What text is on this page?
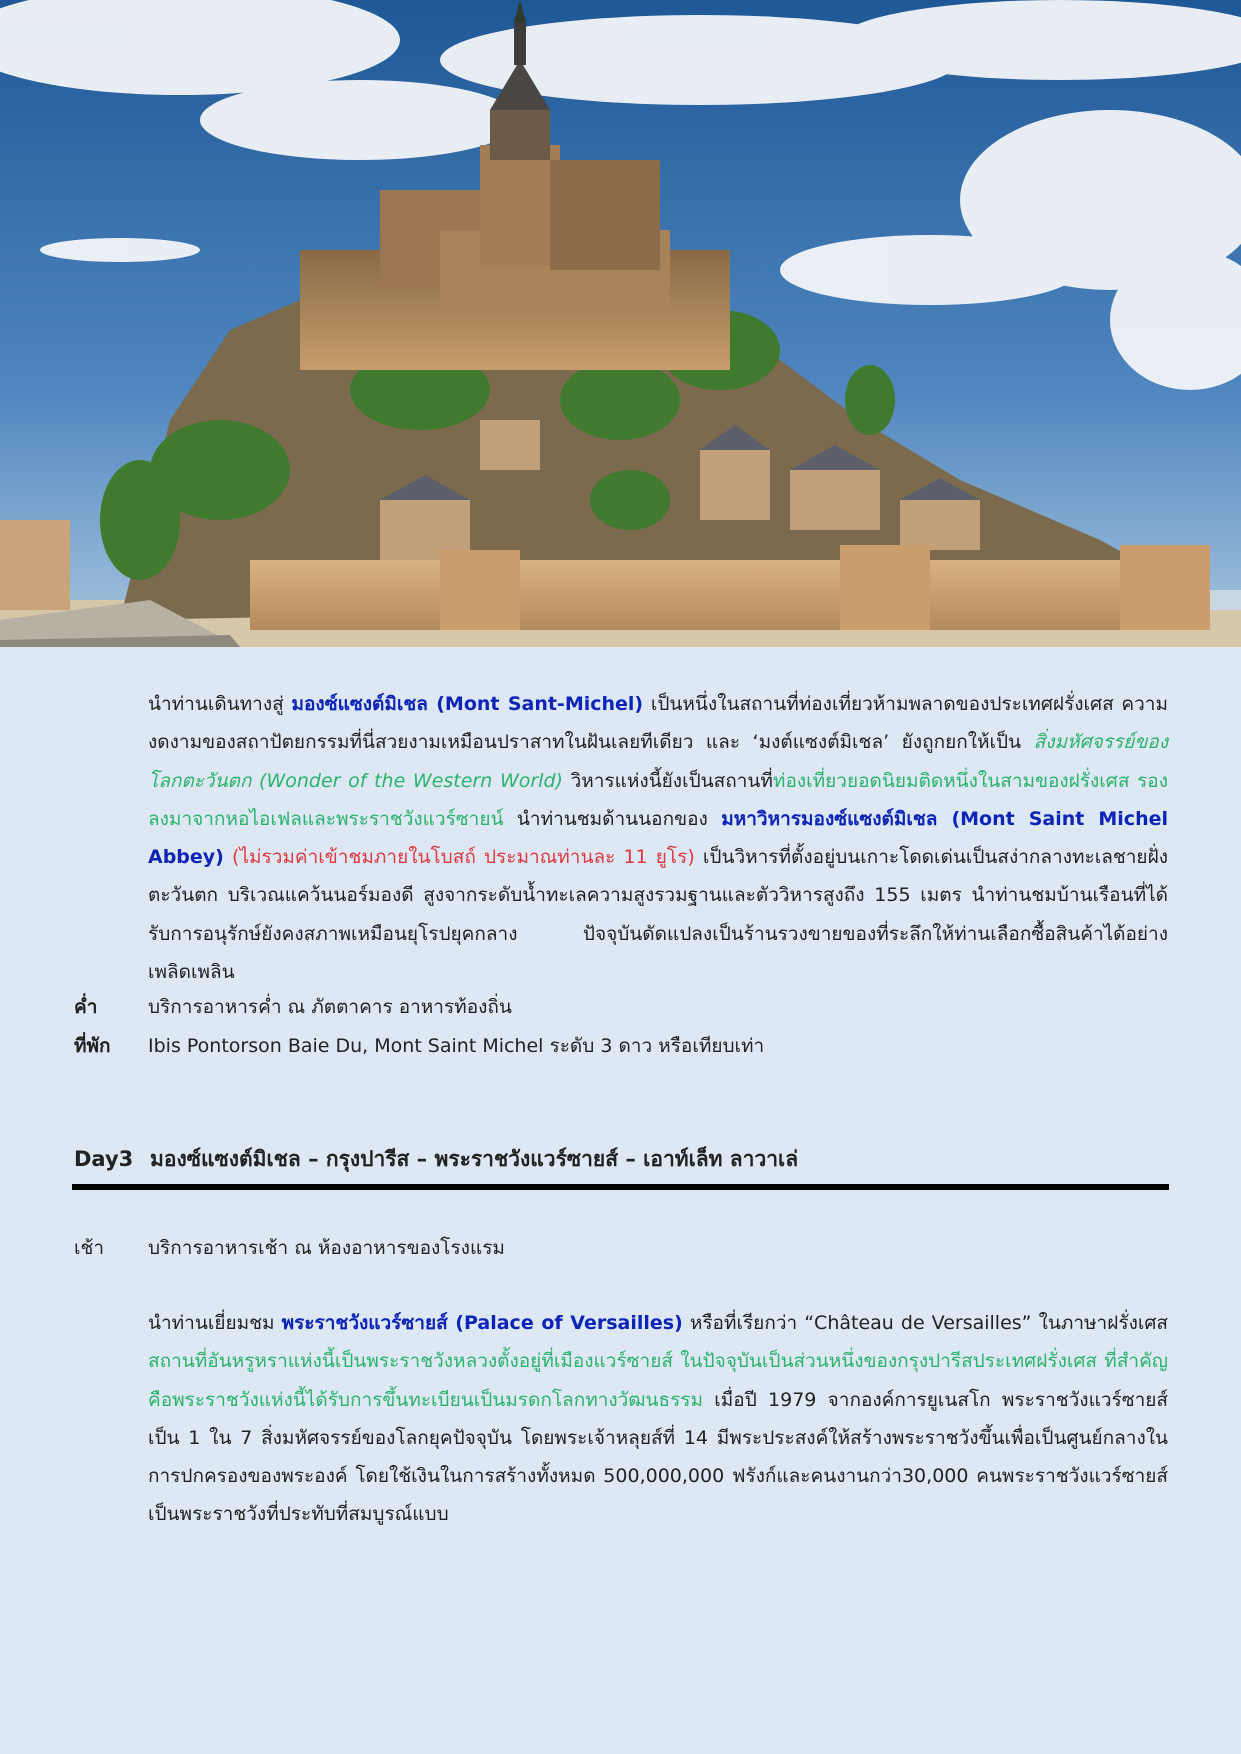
นำท่านเดินทางสู่ มองซ์แซงต์มิเชล (Mont Sant-Michel) เป็นหนึ่งในสถานที่ท่องเที่ยวห้ามพลาดของประเทศฝรั่งเศส ความงดงามของสถาปัตยกรรมที่นี่สวยงามเหมือนปราสาทในฝันเลยทีเดียว และ ‘มงต์แซงต์มิเชล’ ยังถูกยกให้เป็น สิ่งมหัศจรรย์ของโลกตะวันตก (Wonder of the Western World) วิหารแห่งนี้ยังเป็นสถานที่ท่องเที่ยวยอดนิยมติดหนึ่งในสามของฝรั่งเศส รองลงมาจากหอไอเฟลและพระราชวังแวร์ซายน์ นำท่านชมด้านนอกของ มหาวิหารมองซ์แซงต์มิเชล (Mont Saint Michel Abbey) (ไม่รวมค่าเข้าชมภายในโบสถ์ ประมาณท่านละ 11 ยูโร) เป็นวิหารที่ตั้งอยู่บนเกาะโดดเด่นเป็นสง่ากลางทะเลชายฝั่งตะวันตก บริเวณแคว้นนอร์มองดี สูงจากระดับน้ำทะเลความสูงรวมฐานและตัววิหารสูงถึง 155 เมตร นำท่านชมบ้านเรือนที่ได้รับการอนุรักษ์ยังคงสภาพเหมือนยุโรปยุคกลาง ปัจจุบันดัดแปลงเป็นร้านรวงขายของที่ระลึกให้ท่านเลือกซื้อสินค้าได้อย่างเพลิดเพลิน
ค่ำ	บริการอาหารค่ำ ณ ภัตตาคาร อาหารท้องถิ่น
ที่พัก Ibis Pontorson Baie Du, Mont Saint Michel ระดับ 3 ดาว หรือเทียบเท่า
Day3 มองซ์แซงต์มิเชล – กรุงปารีส – พระราชวังแวร์ซายส์ – เอาท์เล็ท ลาวาเล่
เช้า บริการอาหารเช้า ณ ห้องอาหารของโรงแรม
นำท่านเยี่ยมชม พระราชวังแวร์ซายส์ (Palace of Versailles) หรือที่เรียกว่า “Château de Versailles” ในภาษาฝรั่งเศส สถานที่อันหรูหราแห่งนี้เป็นพระราชวังหลวงตั้งอยู่ที่เมืองแวร์ซายส์ ในปัจจุบันเป็นส่วนหนึ่งของกรุงปารีสประเทศฝรั่งเศส ที่สำคัญคือพระราชวังแห่งนี้ได้รับการขึ้นทะเบียนเป็นมรดกโลกทางวัฒนธรรม เมื่อปี 1979 จากองค์การยูเนสโก พระราชวังแวร์ซายส์เป็น 1 ใน 7 สิ่งมหัศจรรย์ของโลกยุคปัจจุบัน โดยพระเจ้าหลุยส์ที่ 14 มีพระประสงค์ให้สร้างพระราชวังขึ้นเพื่อเป็นศูนย์กลางในการปกครองของพระองค์ โดยใช้เงินในการสร้างทั้งหมด 500,000,000 ฟรังก์และคนงานกว่า30,000 คนพระราชวังแวร์ซายส์ เป็นพระราชวังที่ประทับที่สมบูรณ์แบบ
